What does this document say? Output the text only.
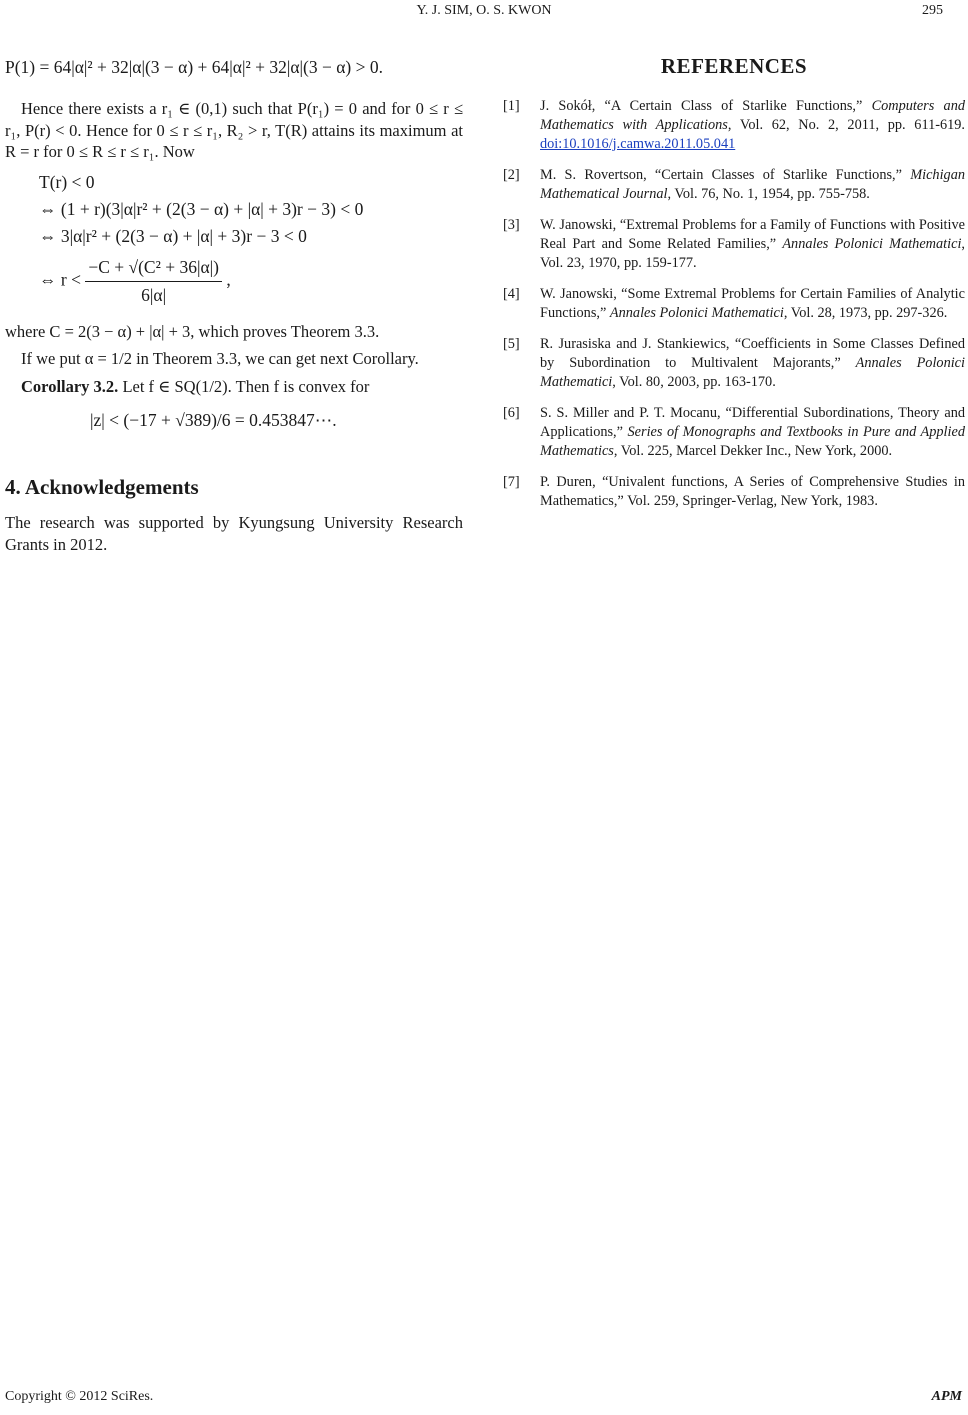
Y. J. SIM, O. S. KWON	295
P(1) = 64|α|² + 32|α|(3 − α) + 64|α|² + 32|α|(3 − α) > 0.

Hence there exists a r₁ ∈ (0,1) such that P(r₁) = 0 and for 0 ≤ r ≤ r₁, P(r) < 0. Hence for 0 ≤ r ≤ r₁, R₂ > r, T(R) attains its maximum at R = r for 0 ≤ R ≤ r ≤ r₁. Now

T(r) < 0
⇔ (1 + r)(3|α|r² + (2(3 − α) + |α| + 3)r − 3) < 0
⇔ 3|α|r² + (2(3 − α) + |α| + 3)r − 3 < 0
⇔ $r < \frac{\text{−C + √(C² + 36|α|)}}{6|\alpha|}$ ,

where C = 2(3 − α) + |α| + 3, which proves Theorem 3.3.

If we put α = 1/2 in Theorem 3.3, we can get next Corollary.

Corollary 3.2. Let f ∈ SQ(1/2). Then f is convex for

|z| < (−17 + √389)/6 = 0.453847⋯.
4. Acknowledgements

The research was supported by Kyungsung University Research Grants in 2012.

REFERENCES
[1]	J. Sokół, “A Certain Class of Starlike Functions,” Computers and Mathematics with Applications, Vol. 62, No. 2, 2011, pp. 611-619. doi:10.1016/j.camwa.2011.05.041
[2]	M. S. Rovertson, “Certain Classes of Starlike Functions,” Michigan Mathematical Journal, Vol. 76, No. 1, 1954, pp. 755-758.
[3]	W. Janowski, “Extremal Problems for a Family of Functions with Positive Real Part and Some Related Families,” Annales Polonici Mathematici, Vol. 23, 1970, pp. 159-177.
[4]	W. Janowski, “Some Extremal Problems for Certain Families of Analytic Functions,” Annales Polonici Mathematici, Vol. 28, 1973, pp. 297-326.
[5]	R. Jurasiska and J. Stankiewics, “Coefficients in Some Classes Defined by Subordination to Multivalent Majorants,” Annales Polonici Mathematici, Vol. 80, 2003, pp. 163-170.
[6]	S. S. Miller and P. T. Mocanu, “Differential Subordinations, Theory and Applications,” Series of Monographs and Textbooks in Pure and Applied Mathematics, Vol. 225, Marcel Dekker Inc., New York, 2000.
[7]	P. Duren, “Univalent functions, A Series of Comprehensive Studies in Mathematics,” Vol. 259, Springer-Verlag, New York, 1983.
Copyright © 2012 SciRes.	APM
